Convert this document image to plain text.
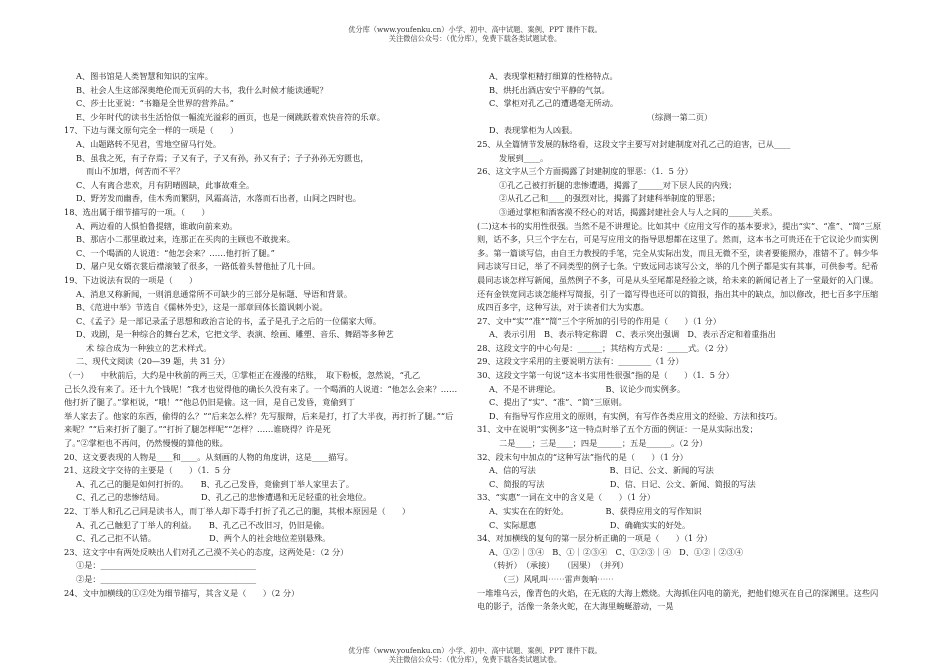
优分库（www.youfenku.cn）小学、初中、高中试题、案例、PPT 课件下载。
关注微信公众号：（优分库），免费下载各类试题试卷。
A、图书馆是人类智慧和知识的宝库。
B、社会人生这部深奥绝伦而无页码的大书，我什么时候才能读通呢？
C、莎士比亚说：“书籍是全世界的营养品。”
E、少年时代的读书生活恰似一幅流光溢彩的画页，也是一阕跳跃着欢快音符的乐章。
17、下边与课文原句完全一样的一项是（　　）
A、山题路转不见君，雪地空留马行处。
B、虽我之死，有子存焉；子又有子，子又有孙，孙又有子；子子孙孙无穷匮也，
而山不加增，何苦而不平？
C、人有离合悲欢，月有阴晴圆缺，此事故难全。
D、野芳发而幽香，佳木秀而繁阴，风霜高洁，水落而石出者，山间之四时也。
18、选出属于细节描写的一项。（　　）
A、两边看的人惧怕鲁提辖，谁敢向前来劝。
B、那店小二那里敢过来，连那正在买肉的主顾也不敢拢来。
C、一个喝酒的人说道：“他怎会来？……他打折了腿。”
D、屠户见女婿衣裳后襟滚皱了很多，一路低着头替他扯了几十回。
19、下边说法有误的一项是（　　）
A、消息又称新闻，一则消息通常所不可缺少的三部分是标题、导语和背景。
B、《范进中举》节选自《儒林外史》，这是一部章回体长篇讽刺小说。
C、《孟子》是一部记录孟子思想和政治言论的书，孟子是孔子之后的一位儒家大师。
D、戏剧，是一种综合的舞台艺术，它把文学、表演、绘画、雕塑、音乐、舞蹈等多种艺
术 综合成为一种独立的艺术样式。
二、现代文阅读（20—39 题，共 31 分）
（一）　　中秋前后，大约是中秋前的两三天，①掌柜正在漫漫的结账，　取下粉板，忽然说，“孔乙
己长久没有来了。还十九个钱呢！”我才也觉得他的确长久没有来了。一个喝酒的人说道：“他怎么会来？……他打折了腿了。”掌柜说，“哦！”“他总仍旧是偷。这一回，是自己发昏，竟偷到丁
举人家去了。他家的东西，偷得的么？”“后来怎么样？先写服辩，后来是打，打了大半夜，再打折了腿。”“后来呢？”“后来打折了腿了。”“打折了腿怎样呢”“怎样？……谁晓得？许是死
了。”②掌柜也不再问，仍然慢慢的算他的账。
20、这文要表现的人物是____和____。从刻画的人物的角度讲，这是____描写。
21、这段文字交待的主要是（　　）（1．5 分
A、孔乙己的腿是如何打折的。　　B、孔乙己发昏，竟偷到丁举人家里去了。
C、孔乙己的悲惨结局。　　　　　D、孔乙己的悲惨遭遇和无足轻重的社会地位。
22、丁举人和孔乙己同是读书人，而丁举人却下毒手打折了孔乙己的腿，其根本原因是（　　）
A、孔乙己触犯了丁举人的利益。　　B、孔乙己不改旧习，仍旧是偷。
C、孔乙己拒不认错。　　　　　　　D、两个人的社会地位差别悬殊。
23、这文字中有两处反映出人们对孔乙己漠不关心的态度，这两处是：（2 分）
①是：______________________________________
②是：______________________________________
24、文中加横线的①②处为细节描写，其含义是（　　）（2 分）
A、表现掌柜精打细算的性格特点。
B、烘托出酒店安宁平静的气氛。
C、掌柜对孔乙己的遭遇毫无所动。
（综测一第二页）
D、表现掌柜为人凶狠。
25、从全篇情节发展的脉络看，这段文字主要写对封建制度对孔乙己的迫害，已从____
发展到____。
26、这文字从三个方面揭露了封建制度的罪恶：（1．5 分）
①孔乙己被打折腿的悲惨遭遇，揭露了______对下层人民的内残；
②从孔乙己和____的强烈对比，揭露了封建科举制度的罪恶；
③通过掌柜和酒客漠不经心的对话，揭露封建社会人与人之间的______关系。
(二)这本书的实用性很强。当然不是不讲理论。比如其中《应用文写作的基本要求》，提出“实”、“准”、“简”三原则，话不多，只三个字左右，可是写应用文的指导思想都在这里了。然而，这本书之可贵还在于它议论少而实例多。第一篇谈写信，由自王力教授的手笔，完全从实际出发，而且无微不至，读者要能照办，准错不了。韩少华同志谈写日记，举了不同类型的例子七条。宁致远同志谈写公文，举的几个例子都是实有其事，可供参考。纪希晨同志谈怎样写新闻，虽然例子不多，可是从头至尾都是经验之谈，给未来的新闻记者上了一堂最好的入门课。还有金铁宽同志谈怎能样写简报，引了一篇写得也还可以的简报，指出其中的缺点，加以修改，把七百多字压缩成四百多字，这种写法，对于读者们大为实惠。
27、文中“实”“准”“简”三个字所加的引号的作用是（　　）（1 分）
A、表示引用　B、表示特定称谓　C、表示突出强调　D、表示否定和着重指出
28、这段文字的中心句是：______；其结构方式是：_____式。（2 分）
29、这段文字采用的主要说明方法有：________（1 分）
30、这段文字第一句说“这本书实用性很强”指的是（　　）（1．5 分）
A、不是不讲理论。　　　　　　B、议论少而实例多。
C、提出了“实”、“准”、“简”三原则。
D、有指导写作应用文的原则，有实例，有写作各类应用文的经验、方法和技巧。
31、文中在说明“实例多”这一特点时举了五个方面的例证：一是从实际出发；
二是____；三是____；四是______；五是______。（2 分）
32、段末句中加点的“这种写法”指代的是（　　）（1 分）
A、信的写法　　　　　　　　　B、日记、公文、新闻的写法
C、简报的写法　　　　　　　　D、信、日记、公文、新闻、简报的写法
33、“实惠”一词在文中的含义是（　　）（1 分）
A、实实在在的好处。　　　　　B、获得应用文的写作知识
C、实际愿惠　　　　　　　　　D、确确实实的好处。
34、对加横线的复句的第一层分析正确的一项是（　　）（1 分）
A、①②｜③④　B、①｜②③④　C、①②③｜④　D、①②｜②③④
（转折）　（承接）　　（因果）　（并列）
（三）风吼叫⋯⋯雷声轰响⋯⋯
一堆堆乌云，像青色的火焰，在无底的大海上燃烧。大海抓住闪电的箭光，把他们熄灭在自己的深渊里。这些闪电的影子，活像一条条火蛇，在大海里蜿蜒游动，一晃
优分库（www.youfenku.cn）小学、初中、高中试题、案例、PPT 课件下载。
关注微信公众号：（优分库），免费下载各类试题试卷。
